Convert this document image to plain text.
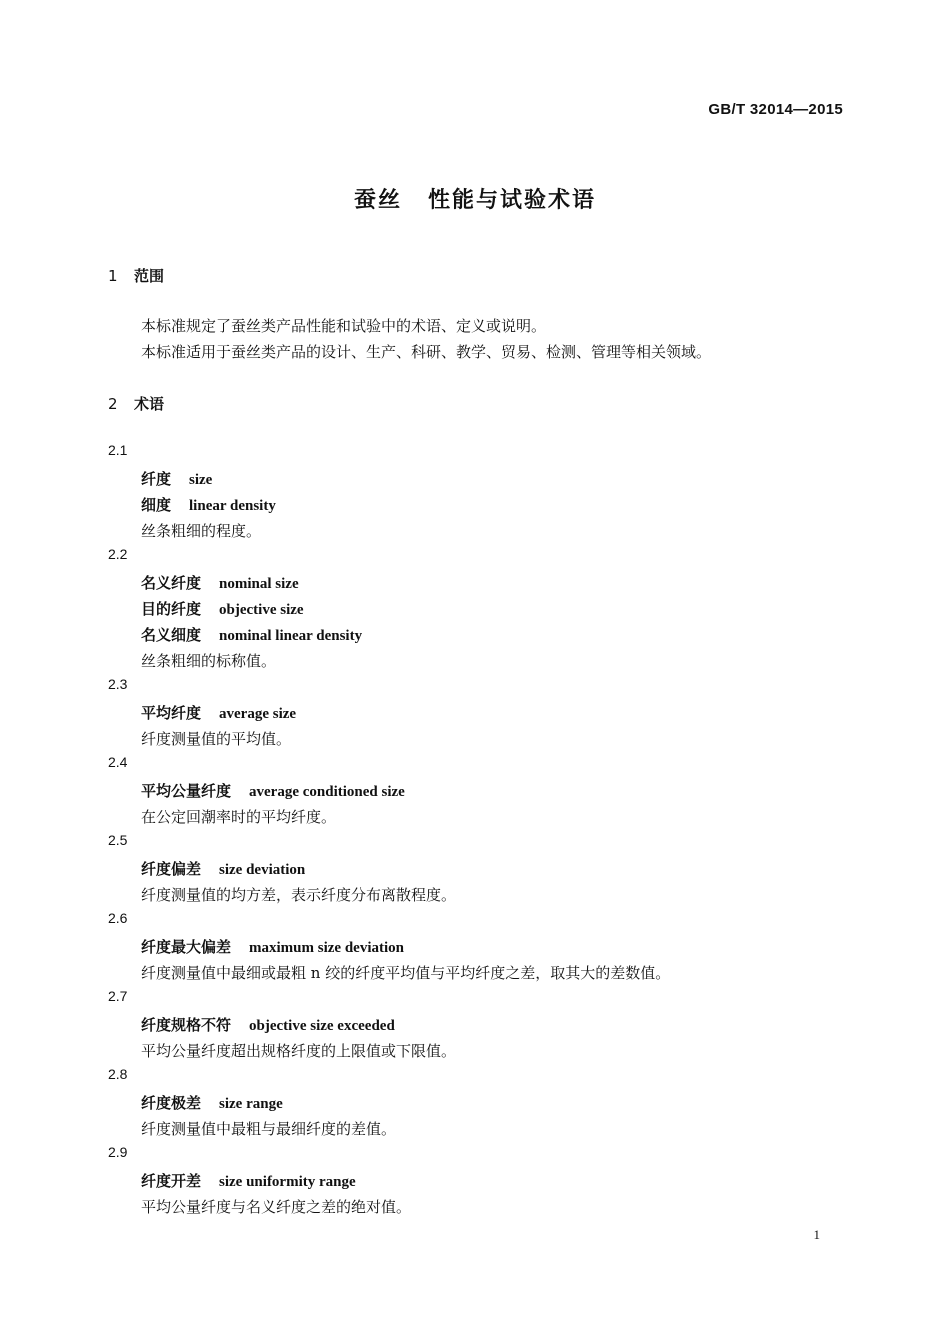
GB/T 32014—2015
蚕丝 性能与试验术语
1 范围
本标准规定了蚕丝类产品性能和试验中的术语、定义或说明。
本标准适用于蚕丝类产品的设计、生产、科研、教学、贸易、检测、管理等相关领域。
2 术语
2.1
纤度 size
细度 linear density
丝条粗细的程度。
2.2
名义纤度 nominal size
目的纤度 objective size
名义细度 nominal linear density
丝条粗细的标称值。
2.3
平均纤度 average size
纤度测量值的平均值。
2.4
平均公量纤度 average conditioned size
在公定回潮率时的平均纤度。
2.5
纤度偏差 size deviation
纤度测量值的均方差，表示纤度分布离散程度。
2.6
纤度最大偏差 maximum size deviation
纤度测量值中最细或最粗 n 绞的纤度平均值与平均纤度之差，取其大的差数值。
2.7
纤度规格不符 objective size exceeded
平均公量纤度超出规格纤度的上限值或下限值。
2.8
纤度极差 size range
纤度测量值中最粗与最细纤度的差值。
2.9
纤度开差 size uniformity range
平均公量纤度与名义纤度之差的绝对值。
1
